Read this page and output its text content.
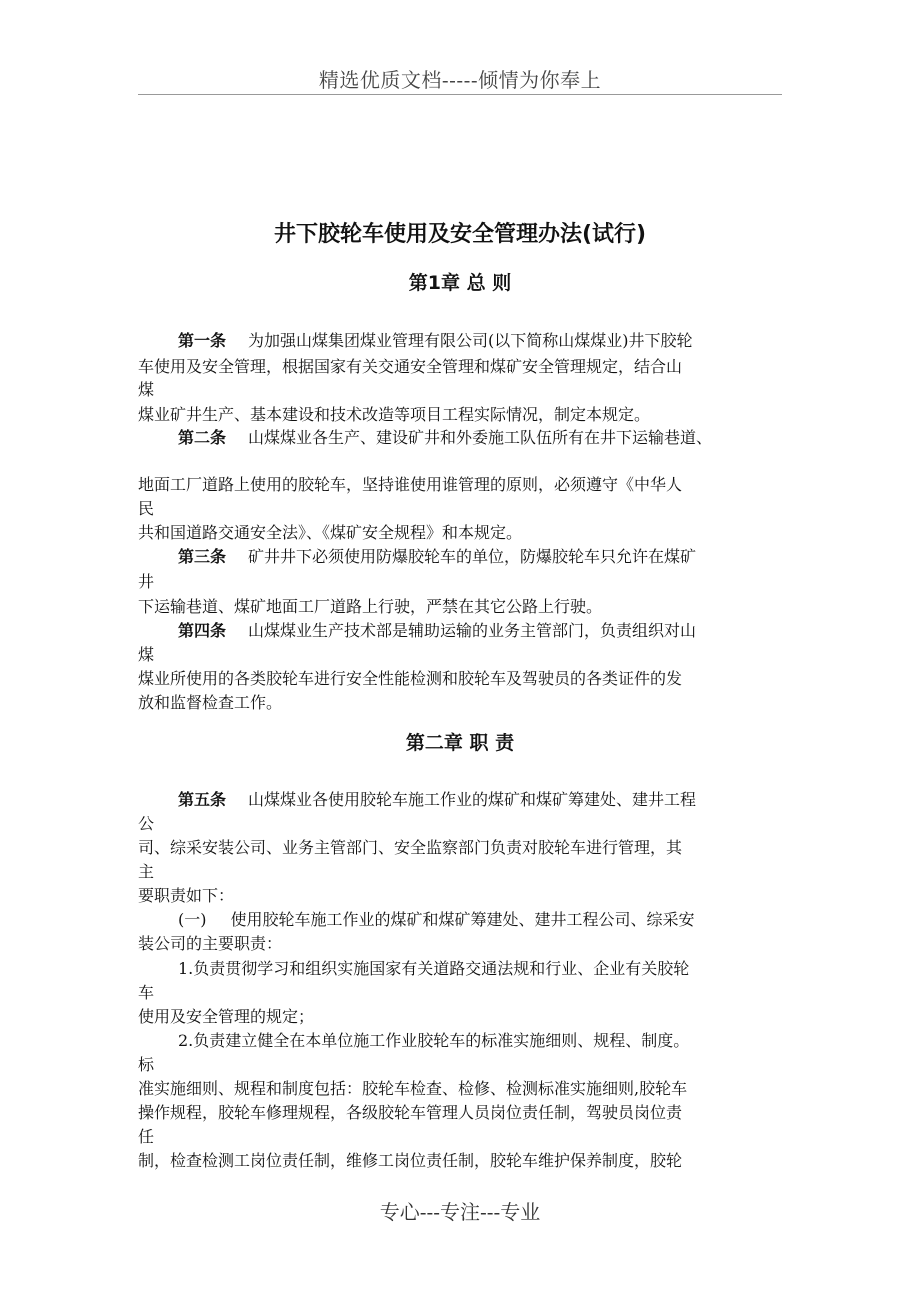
精选优质文档-----倾情为你奉上
井下胶轮车使用及安全管理办法(试行)
第1章 总 则
第一条 为加强山煤集团煤业管理有限公司(以下简称山煤煤业)井下胶轮
车使用及安全管理，根据国家有关交通安全管理和煤矿安全管理规定，结合山
煤
煤业矿井生产、基本建设和技术改造等项目工程实际情况，制定本规定。
第二条 山煤煤业各生产、建设矿井和外委施工队伍所有在井下运输巷道、
地面工厂道路上使用的胶轮车，坚持谁使用谁管理的原则，必须遵守《中华人
民
共和国道路交通安全法》、《煤矿安全规程》和本规定。
第三条 矿井井下必须使用防爆胶轮车的单位，防爆胶轮车只允许在煤矿
井
下运输巷道、煤矿地面工厂道路上行驶，严禁在其它公路上行驶。
第四条 山煤煤业生产技术部是辅助运输的业务主管部门，负责组织对山
煤
煤业所使用的各类胶轮车进行安全性能检测和胶轮车及驾驶员的各类证件的发
放和监督检查工作。
第二章 职 责
第五条 山煤煤业各使用胶轮车施工作业的煤矿和煤矿筹建处、建井工程
公
司、综采安装公司、业务主管部门、安全监察部门负责对胶轮车进行管理，其
主
要职责如下：
(一) 使用胶轮车施工作业的煤矿和煤矿筹建处、建井工程公司、综采安
装公司的主要职责：
1.负责贯彻学习和组织实施国家有关道路交通法规和行业、企业有关胶轮
车
使用及安全管理的规定；
2.负责建立健全在本单位施工作业胶轮车的标准实施细则、规程、制度。
标
准实施细则、规程和制度包括：胶轮车检查、检修、检测标准实施细则,胶轮车
操作规程，胶轮车修理规程，各级胶轮车管理人员岗位责任制，驾驶员岗位责
任
制，检查检测工岗位责任制，维修工岗位责任制，胶轮车维护保养制度，胶轮
专心---专注---专业
